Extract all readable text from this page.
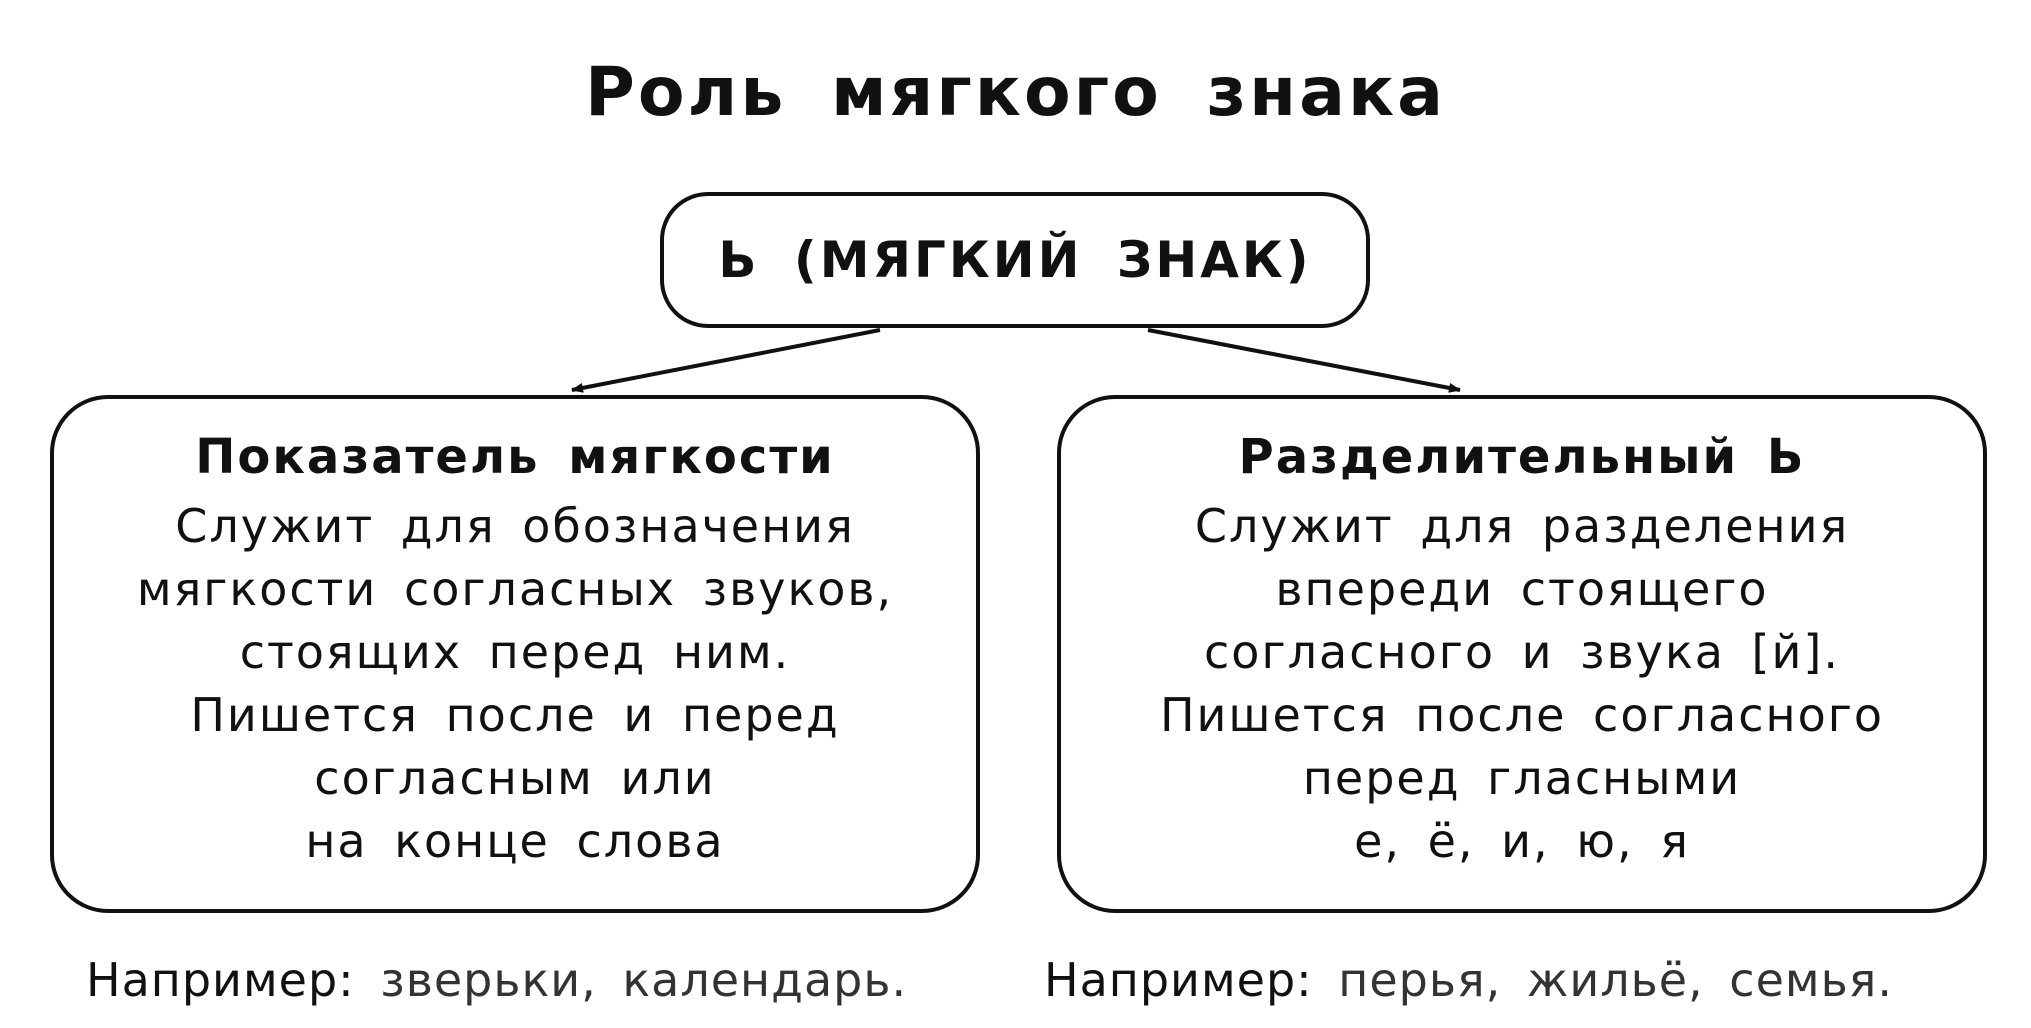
Роль мягкого знака
Ь (МЯГКИЙ ЗНАК)
Показатель мягкости
Служит для обозначения
мягкости согласных звуков,
стоящих перед ним.
Пишется после и перед
согласным или
на конце слова
Разделительный Ь
Служит для разделения
впереди стоящего
согласного и звука [й].
Пишется после согласного
перед гласными
е, ё, и, ю, я
Например: зверьки, календарь.	Например: перья, жильё, семья.
